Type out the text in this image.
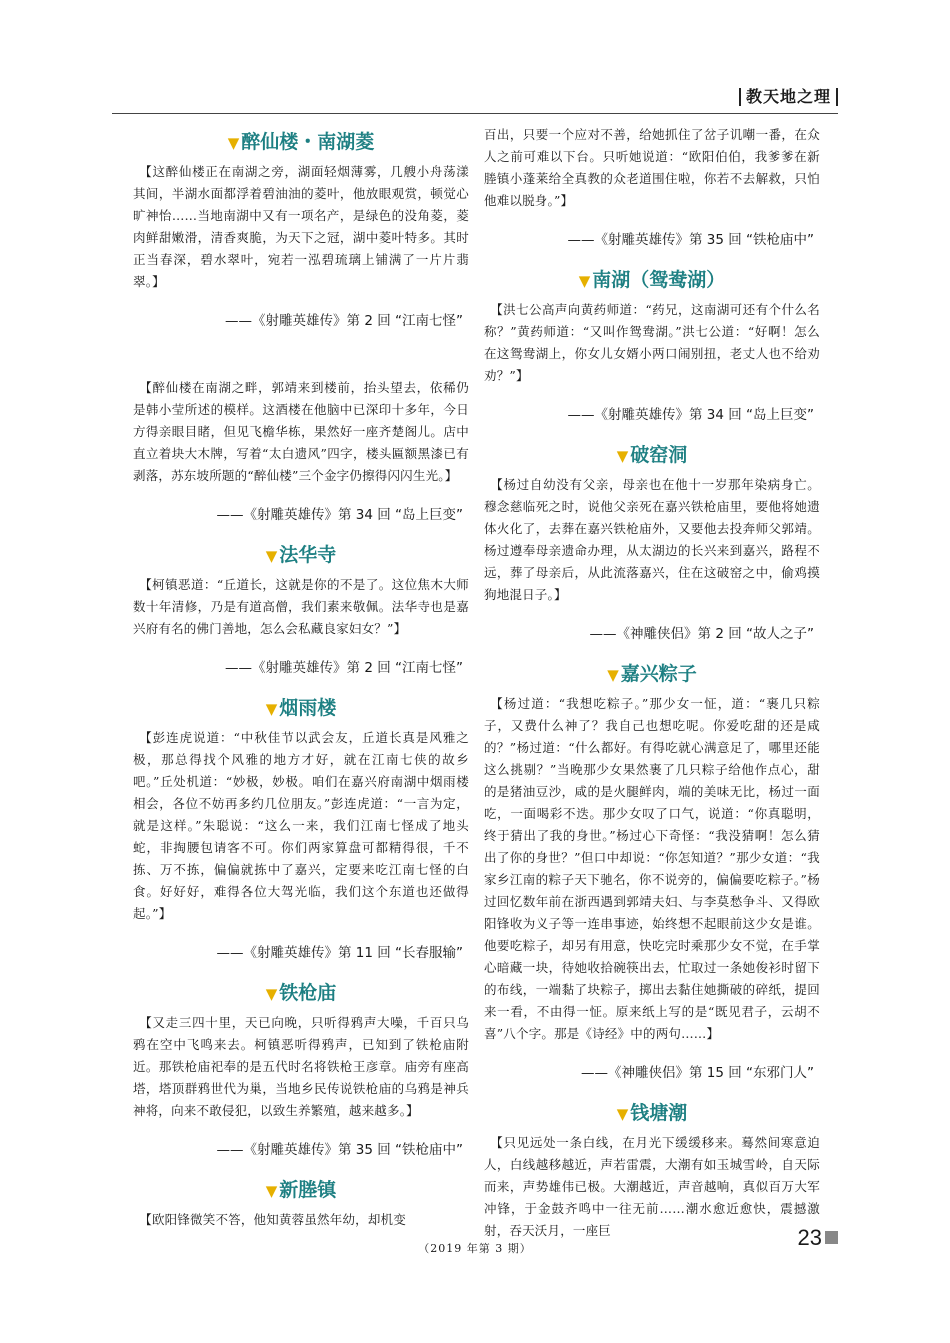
教天地之理
▼ 醉仙楼・南湖菱

【这醉仙楼正在南湖之旁，湖面轻烟薄雾，几艘小舟荡漾其间，半湖水面都浮着碧油油的菱叶，他放眼观赏，顿觉心旷神怡……当地南湖中又有一项名产，是绿色的没角菱，菱肉鲜甜嫩滑，清香爽脆，为天下之冠，湖中菱叶特多。其时正当春深，碧水翠叶，宛若一泓碧琉璃上铺满了一片片翡翠。】

——《射雕英雄传》第 2 回 “江南七怪”

【醉仙楼在南湖之畔，郭靖来到楼前，抬头望去，依稀仍是韩小莹所述的模样。这酒楼在他脑中已深印十多年，今日方得亲眼目睹，但见飞檐华栋，果然好一座齐楚阁儿。店中直立着块大木牌，写着“太白遗风”四字，楼头匾额黑漆已有剥落，苏东坡所题的“醉仙楼”三个金字仍擦得闪闪生光。】

——《射雕英雄传》第 34 回 “岛上巨变”
▼ 法华寺

【柯镇恶道：“丘道长，这就是你的不是了。这位焦木大师数十年清修，乃是有道高僧，我们素来敬佩。法华寺也是嘉兴府有名的佛门善地，怎么会私藏良家妇女？”】

——《射雕英雄传》第 2 回 “江南七怪”
▼ 烟雨楼

【彭连虎说道：“中秋佳节以武会友，丘道长真是风雅之极，那总得找个风雅的地方才好，就在江南七侠的故乡吧。”丘处机道：“妙极，妙极。咱们在嘉兴府南湖中烟雨楼相会，各位不妨再多约几位朋友。”彭连虎道：“一言为定，就是这样。”朱聪说：“这么一来，我们江南七怪成了地头蛇，非掏腰包请客不可。你们两家算盘可都精得很，千不拣、万不拣，偏偏就拣中了嘉兴，定要来吃江南七怪的白食。好好好，难得各位大驾光临，我们这个东道也还做得起。”】

——《射雕英雄传》第 11 回 “长春服输”
▼ 铁枪庙

【又走三四十里，天已向晚，只听得鸦声大噪，千百只乌鸦在空中飞鸣来去。柯镇恶听得鸦声，已知到了铁枪庙附近。那铁枪庙祀奉的是五代时名将铁枪王彦章。庙旁有座高塔，塔顶群鸦世代为巢，当地乡民传说铁枪庙的乌鸦是神兵神将，向来不敢侵犯，以致生养繁殖，越来越多。】

——《射雕英雄传》第 35 回 “铁枪庙中”
▼ 新塍镇

【欧阳锋微笑不答，他知黄蓉虽然年幼，却机变

百出，只要一个应对不善，给她抓住了岔子讥嘲一番，在众人之前可难以下台。只听她说道：“欧阳伯伯，我爹爹在新塍镇小蓬莱给全真教的众老道围住啦，你若不去解救，只怕他难以脱身。”】

——《射雕英雄传》第 35 回 “铁枪庙中”
▼ 南湖（鸳鸯湖）

【洪七公高声向黄药师道：“药兄，这南湖可还有个什么名称？”黄药师道：“又叫作鸳鸯湖。”洪七公道：“好啊！怎么在这鸳鸯湖上，你女儿女婿小两口闹别扭，老丈人也不给劝劝？”】

——《射雕英雄传》第 34 回 “岛上巨变”
▼ 破窑洞

【杨过自幼没有父亲，母亲也在他十一岁那年染病身亡。穆念慈临死之时，说他父亲死在嘉兴铁枪庙里，要他将她遗体火化了，去葬在嘉兴铁枪庙外，又要他去投奔师父郭靖。杨过遵奉母亲遗命办理，从太湖边的长兴来到嘉兴，路程不远，葬了母亲后，从此流落嘉兴，住在这破窑之中，偷鸡摸狗地混日子。】

——《神雕侠侣》第 2 回 “故人之子”
▼ 嘉兴粽子

【杨过道：“我想吃粽子。”那少女一怔，道：“裹几只粽子，又费什么神了？我自己也想吃呢。你爱吃甜的还是咸的？”杨过道：“什么都好。有得吃就心满意足了，哪里还能这么挑剔？”当晚那少女果然裹了几只粽子给他作点心，甜的是猪油豆沙，咸的是火腿鲜肉，端的美味无比，杨过一面吃，一面喝彩不迭。那少女叹了口气，说道：“你真聪明，终于猜出了我的身世。”杨过心下奇怪：“我没猜啊！怎么猜出了你的身世？”但口中却说：“你怎知道？”那少女道：“我家乡江南的粽子天下驰名，你不说旁的，偏偏要吃粽子。”杨过回忆数年前在浙西遇到郭靖夫妇、与李莫愁争斗、又得欧阳锋收为义子等一连串事迹，始终想不起眼前这少女是谁。他要吃粽子，却另有用意，快吃完时乘那少女不觉，在手掌心暗藏一块，待她收拾碗筷出去，忙取过一条她俊衫时留下的布线，一端黏了块粽子，掷出去黏住她撕破的碎纸，提回来一看，不由得一怔。原来纸上写的是“既见君子，云胡不喜”八个字。那是《诗经》中的两句……】

——《神雕侠侣》第 15 回 “东邪门人”
▼ 钱塘潮

【只见远处一条白线，在月光下缓缓移来。蓦然间寒意迫人，白线越移越近，声若雷震，大潮有如玉城雪岭，自天际而来，声势雄伟已极。大潮越近，声音越响，真似百万大军冲锋，于金鼓齐鸣中一往无前……潮水愈近愈快，震撼激射，吞天沃月，一座巨	23
（2019 年第 3 期）
